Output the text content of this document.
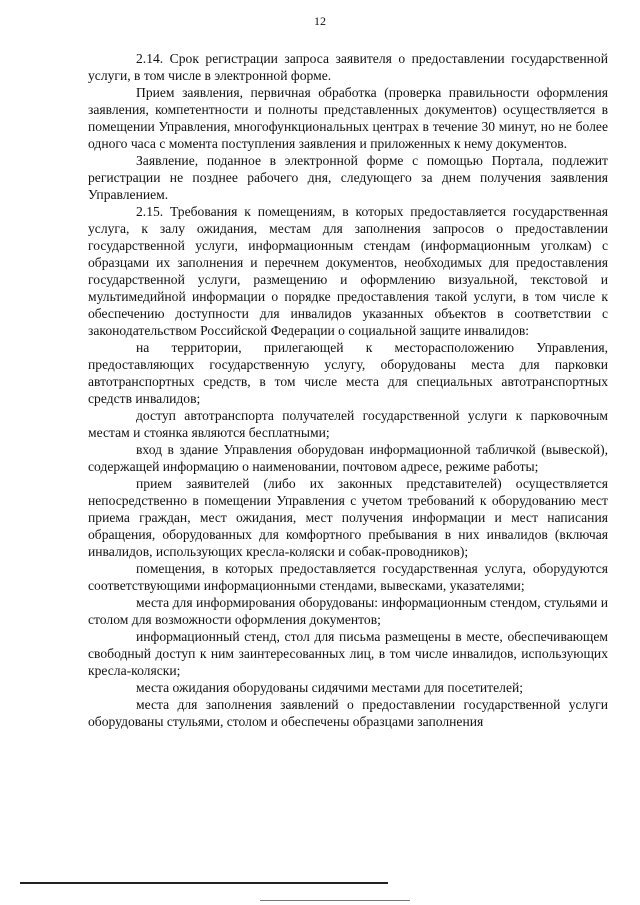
12

2.14. Срок регистрации запроса заявителя о предоставлении государственной услуги, в том числе в электронной форме.

Прием заявления, первичная обработка (проверка правильности оформления заявления, компетентности и полноты представленных документов) осуществляется в помещении Управления, многофункциональных центрах в течение 30 минут, но не более одного часа с момента поступления заявления и приложенных к нему документов.

Заявление, поданное в электронной форме с помощью Портала, подлежит регистрации не позднее рабочего дня, следующего за днем получения заявления Управлением.

2.15. Требования к помещениям, в которых предоставляется государственная услуга, к залу ожидания, местам для заполнения запросов о предоставлении государственной услуги, информационным стендам (информационным уголкам) с образцами их заполнения и перечнем документов, необходимых для предоставления государственной услуги, размещению и оформлению визуальной, текстовой и мультимедийной информации о порядке предоставления такой услуги, в том числе к обеспечению доступности для инвалидов указанных объектов в соответствии с законодательством Российской Федерации о социальной защите инвалидов:

на территории, прилегающей к месторасположению Управления, предоставляющих государственную услугу, оборудованы места для парковки автотранспортных средств, в том числе места для специальных автотранспортных средств инвалидов;

доступ автотранспорта получателей государственной услуги к парковочным местам и стоянка являются бесплатными;

вход в здание Управления оборудован информационной табличкой (вывеской), содержащей информацию о наименовании, почтовом адресе, режиме работы;

прием заявителей (либо их законных представителей) осуществляется непосредственно в помещении Управления с учетом требований к оборудованию мест приема граждан, мест ожидания, мест получения информации и мест написания обращения, оборудованных для комфортного пребывания в них инвалидов (включая инвалидов, использующих кресла-коляски и собак-проводников);

помещения, в которых предоставляется государственная услуга, оборудуются соответствующими информационными стендами, вывесками, указателями;

места для информирования оборудованы: информационным стендом, стульями и столом для возможности оформления документов;

информационный стенд, стол для письма размещены в месте, обеспечивающем свободный доступ к ним заинтересованных лиц, в том числе инвалидов, использующих кресла-коляски;

места ожидания оборудованы сидячими местами для посетителей;

места для заполнения заявлений о предоставлении государственной услуги оборудованы стульями, столом и обеспечены образцами заполнения
